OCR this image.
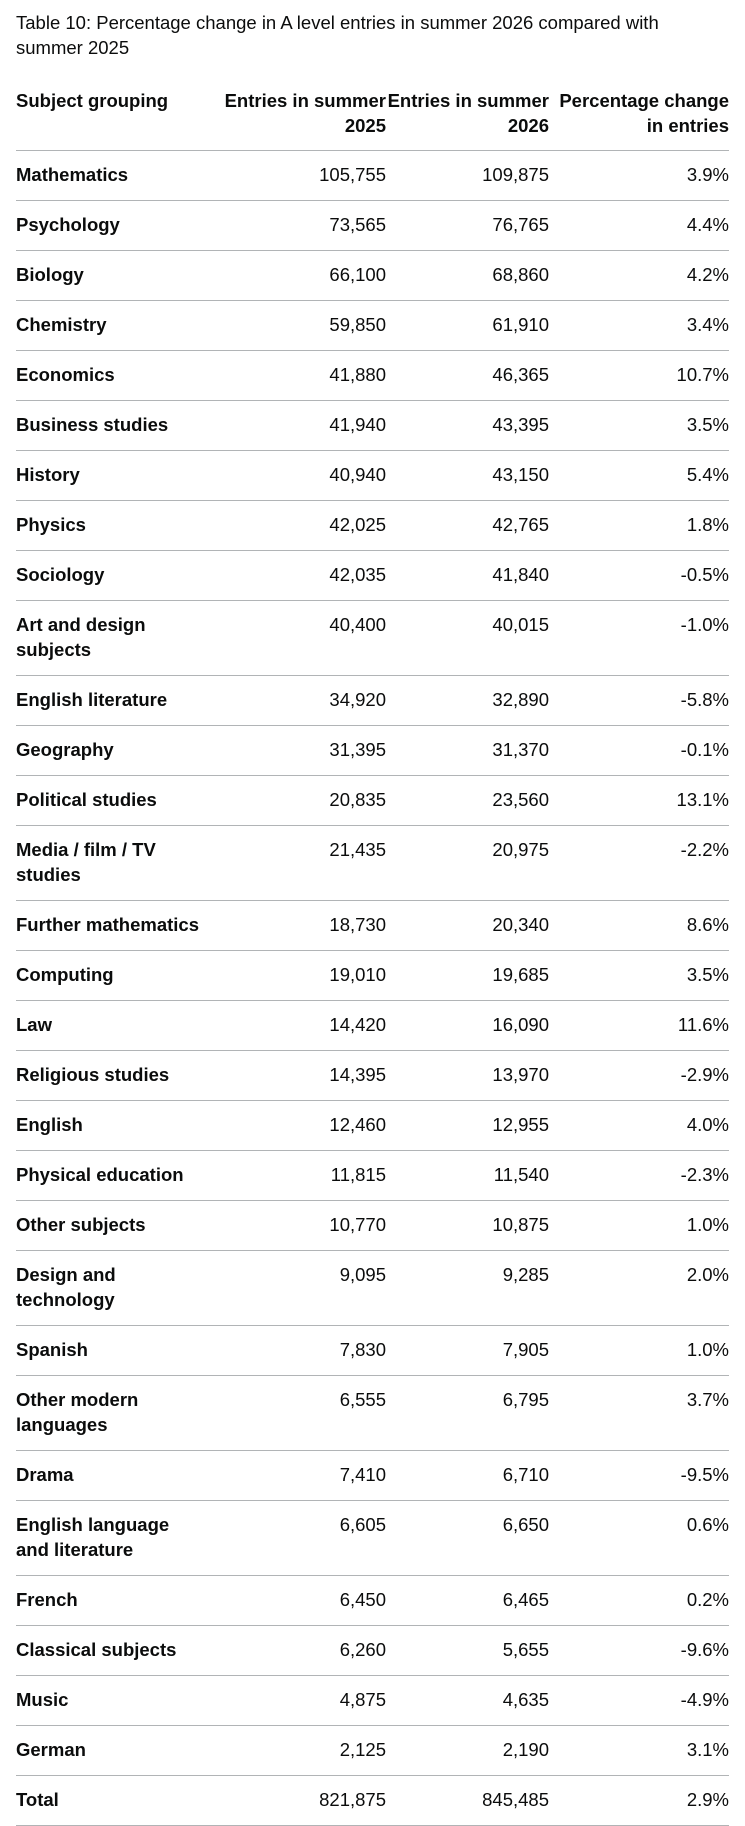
Table 10: Percentage change in A level entries in summer 2026 compared with summer 2025
Subject grouping	Entries in summer 2025	Entries in summer 2026	Percentage change in entries
Mathematics	105,755	109,875	3.9%
Psychology	73,565	76,765	4.4%
Biology	66,100	68,860	4.2%
Chemistry	59,850	61,910	3.4%
Economics	41,880	46,365	10.7%
Business studies	41,940	43,395	3.5%
History	40,940	43,150	5.4%
Physics	42,025	42,765	1.8%
Sociology	42,035	41,840	-0.5%
Art and design subjects	40,400	40,015	-1.0%
English literature	34,920	32,890	-5.8%
Geography	31,395	31,370	-0.1%
Political studies	20,835	23,560	13.1%
Media / film / TV studies	21,435	20,975	-2.2%
Further mathematics	18,730	20,340	8.6%
Computing	19,010	19,685	3.5%
Law	14,420	16,090	11.6%
Religious studies	14,395	13,970	-2.9%
English	12,460	12,955	4.0%
Physical education	11,815	11,540	-2.3%
Other subjects	10,770	10,875	1.0%
Design and technology	9,095	9,285	2.0%
Spanish	7,830	7,905	1.0%
Other modern languages	6,555	6,795	3.7%
Drama	7,410	6,710	-9.5%
English language and literature	6,605	6,650	0.6%
French	6,450	6,465	0.2%
Classical subjects	6,260	5,655	-9.6%
Music	4,875	4,635	-4.9%
German	2,125	2,190	3.1%
Total	821,875	845,485	2.9%
